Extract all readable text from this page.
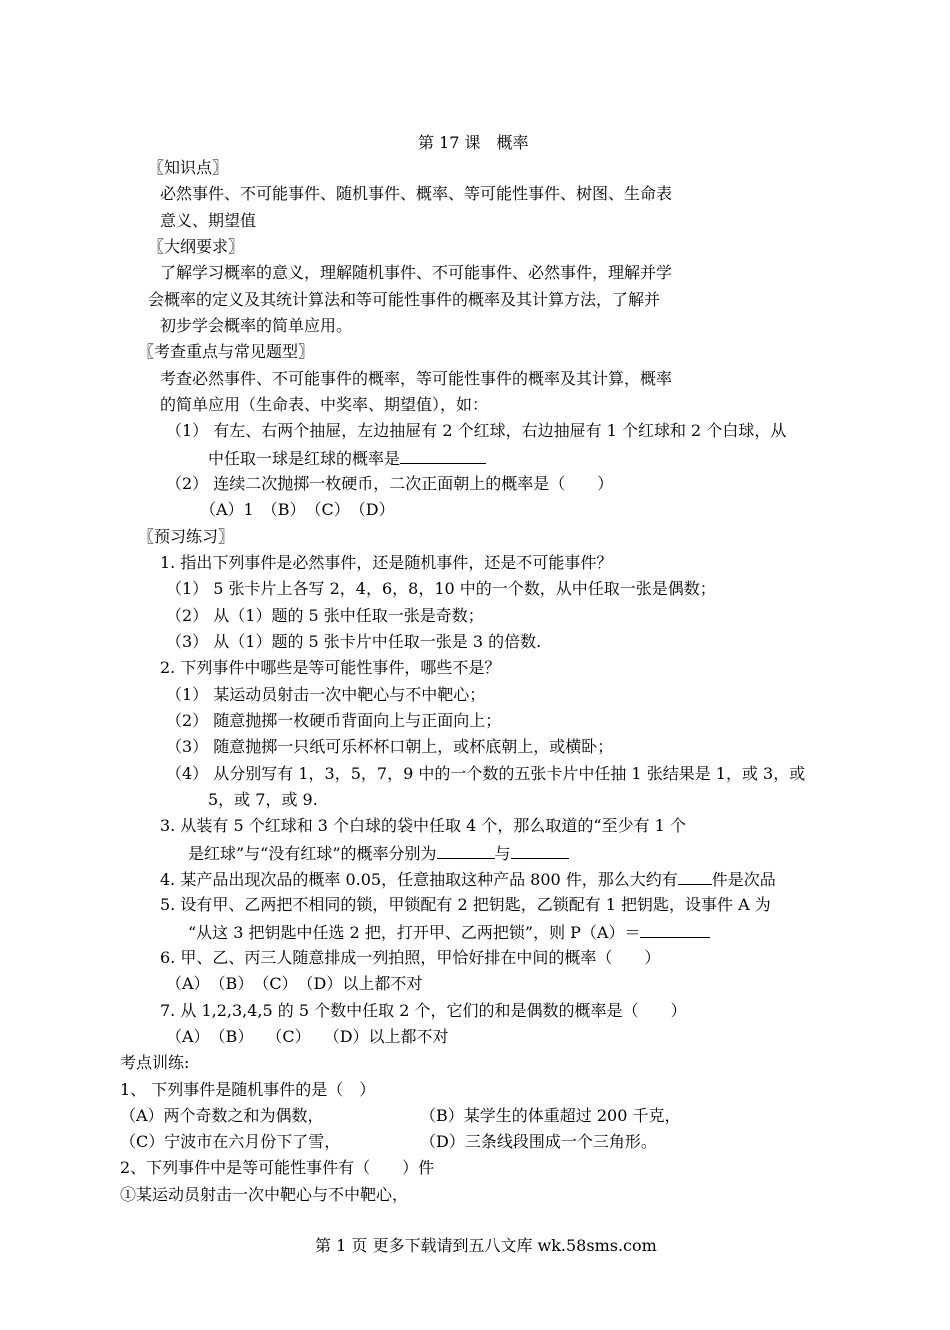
第 17 课　概率
〖知识点〗
必然事件、不可能事件、随机事件、概率、等可能性事件、树图、生命表
意义、期望值
〖大纲要求〗
了解学习概率的意义，理解随机事件、不可能事件、必然事件，理解并学
会概率的定义及其统计算法和等可能性事件的概率及其计算方法，了解并
初步学会概率的简单应用。
〖考查重点与常见题型〗
考查必然事件、不可能事件的概率，等可能性事件的概率及其计算，概率
的简单应用（生命表、中奖率、期望值），如：
（1） 有左、右两个抽屉，左边抽屉有 2 个红球，右边抽屉有 1 个红球和 2 个白球，从
中任取一球是红球的概率是
（2） 连续二次抛掷一枚硬币，二次正面朝上的概率是（　　）
（A）1　（B）　（C）　（D）
〖预习练习〗
1. 指出下列事件是必然事件，还是随机事件，还是不可能事件？
（1） 5 张卡片上各写 2，4，6，8，10 中的一个数，从中任取一张是偶数；
（2） 从（1）题的 5 张中任取一张是奇数；
（3） 从（1）题的 5 张卡片中任取一张是 3 的倍数.
2. 下列事件中哪些是等可能性事件，哪些不是？
（1） 某运动员射击一次中靶心与不中靶心；
（2） 随意抛掷一枚硬币背面向上与正面向上；
（3） 随意抛掷一只纸可乐杯杯口朝上，或杯底朝上，或横卧；
（4） 从分别写有 1，3，5，7，9 中的一个数的五张卡片中任抽 1 张结果是 1，或 3，或
5，或 7，或 9.
3. 从装有 5 个红球和 3 个白球的袋中任取 4 个，那么取道的“至少有 1 个
是红球”与“没有红球”的概率分别为	与
4. 某产品出现次品的概率 0.05，任意抽取这种产品 800 件，那么大约有 件是次品
5. 设有甲、乙两把不相同的锁，甲锁配有 2 把钥匙，乙锁配有 1 把钥匙，设事件 A 为
“从这 3 把钥匙中任选 2 把，打开甲、乙两把锁”，则 P（A）＝
6. 甲、乙、丙三人随意排成一列拍照，甲恰好排在中间的概率（　　）
（A）　（B）　（C）　（D）以上都不对
7. 从 1,2,3,4,5 的 5 个数中任取 2 个，它们的和是偶数的概率是（　　）
（A）　（B）　 （C）　 （D）以上都不对
考点训练:
1、 下列事件是随机事件的是（　）
（A）两个奇数之和为偶数，	（B）某学生的体重超过 200 千克，
（C）宁波市在六月份下了雪，	（D）三条线段围成一个三角形。
2、下列事件中是等可能性事件有（　　）件
①某运动员射击一次中靶心与不中靶心，
第 1 页 更多下载请到五八文库 wk.58sms.com
